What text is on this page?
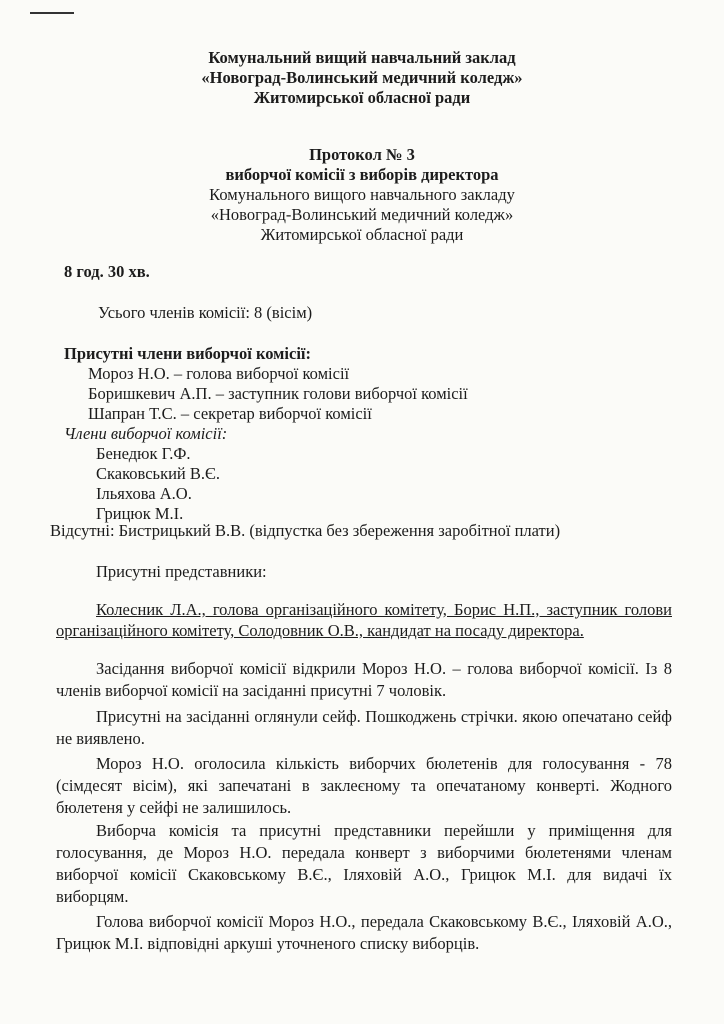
Комунальний вищий навчальний заклад
«Новоград-Волинський медичний коледж»
Житомирської обласної ради
Протокол № 3
виборчої комісії з виборів директора
Комунального вищого навчального закладу
«Новоград-Волинський медичний коледж»
Житомирської обласної ради
8 год. 30 хв.
Усього членів комісії: 8 (вісім)
Присутні члени виборчої комісії:
Мороз Н.О. – голова виборчої комісії
Боришкевич А.П. – заступник голови виборчої комісії
Шапран Т.С. – секретар виборчої комісії
Члени виборчої комісії:
Бенедюк Г.Ф.
Скаковський В.Є.
Ільяхова А.О.
Грицюк М.І.
Відсутні: Бистрицький В.В. (відпустка без збереження заробітної плати)
Присутні представники:
Колесник Л.А., голова організаційного комітету, Борис Н.П., заступник голови організаційного комітету, Солодовник О.В., кандидат на посаду директора.
Засідання виборчої комісії відкрили Мороз Н.О. – голова виборчої комісії. Із 8 членів виборчої комісії на засіданні присутні 7 чоловік.
Присутні на засіданні оглянули сейф. Пошкоджень стрічки. якою опечатано сейф не виявлено.
Мороз Н.О. оголосила кількість виборчих бюлетенів для голосування - 78 (сімдесят вісім), які запечатані в заклеєному та опечатаному конверті. Жодного бюлетеня у сейфі не залишилось.
Виборча комісія та присутні представники перейшли у приміщення для голосування, де Мороз Н.О. передала конверт з виборчими бюлетенями членам виборчої комісії Скаковському В.Є., Іляховій А.О., Грицюк М.І. для видачі їх виборцям.
Голова виборчої комісії Мороз Н.О., передала Скаковському В.Є., Іляховій А.О., Грицюк М.І. відповідні аркуші уточненого списку виборців.
